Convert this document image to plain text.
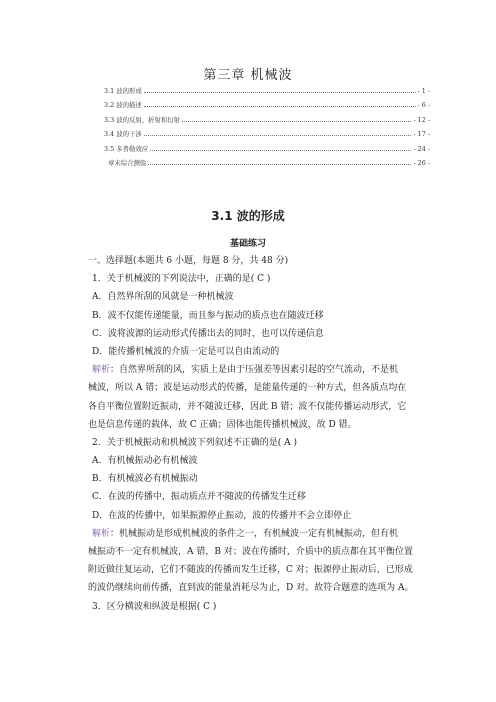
第三章 机械波
3.1 波的形成	- 1 -
3.2 波的描述	- 6 -
3.3 波的反射、折射和衍射	- 12 -
3.4 波的干涉	- 17 -
3.5 多普勒效应	- 24 -
章末综合测验	- 26 -
3.1 波的形成
基础练习
一、选择题(本题共 6 小题，每题 8 分，共 48 分)
1．关于机械波的下列说法中，正确的是( C )
A．自然界所刮的风就是一种机械波
B．波不仅能传递能量，而且参与振动的质点也在随波迁移
C．波将波源的运动形式传播出去的同时，也可以传递信息
D．能传播机械波的介质一定是可以自由流动的
解析：自然界所刮的风，实质上是由于压强差等因素引起的空气流动，不是机
械波，所以 A 错；波是运动形式的传播，是能量传递的一种方式，但各质点均在
各自平衡位置附近振动，并不随波迁移，因此 B 错；波不仅能传播运动形式，它
也是信息传递的载体，故 C 正确；固体也能传播机械波，故 D 错。
2．关于机械振动和机械波下列叙述不正确的是( A )
A．有机械振动必有机械波
B．有机械波必有机械振动
C．在波的传播中，振动质点并不随波的传播发生迁移
D．在波的传播中，如果振源停止振动，波的传播并不会立即停止
解析：机械振动是形成机械波的条件之一，有机械波一定有机械振动，但有机
械振动不一定有机械波，A 错，B 对；波在传播时，介质中的质点都在其平衡位置
附近做往复运动，它们不随波的传播而发生迁移，C 对；振源停止振动后，已形成
的波仍继续向前传播，直到波的能量消耗尽为止，D 对。故符合题意的选项为 A。
3．区分横波和纵波是根据( C )
